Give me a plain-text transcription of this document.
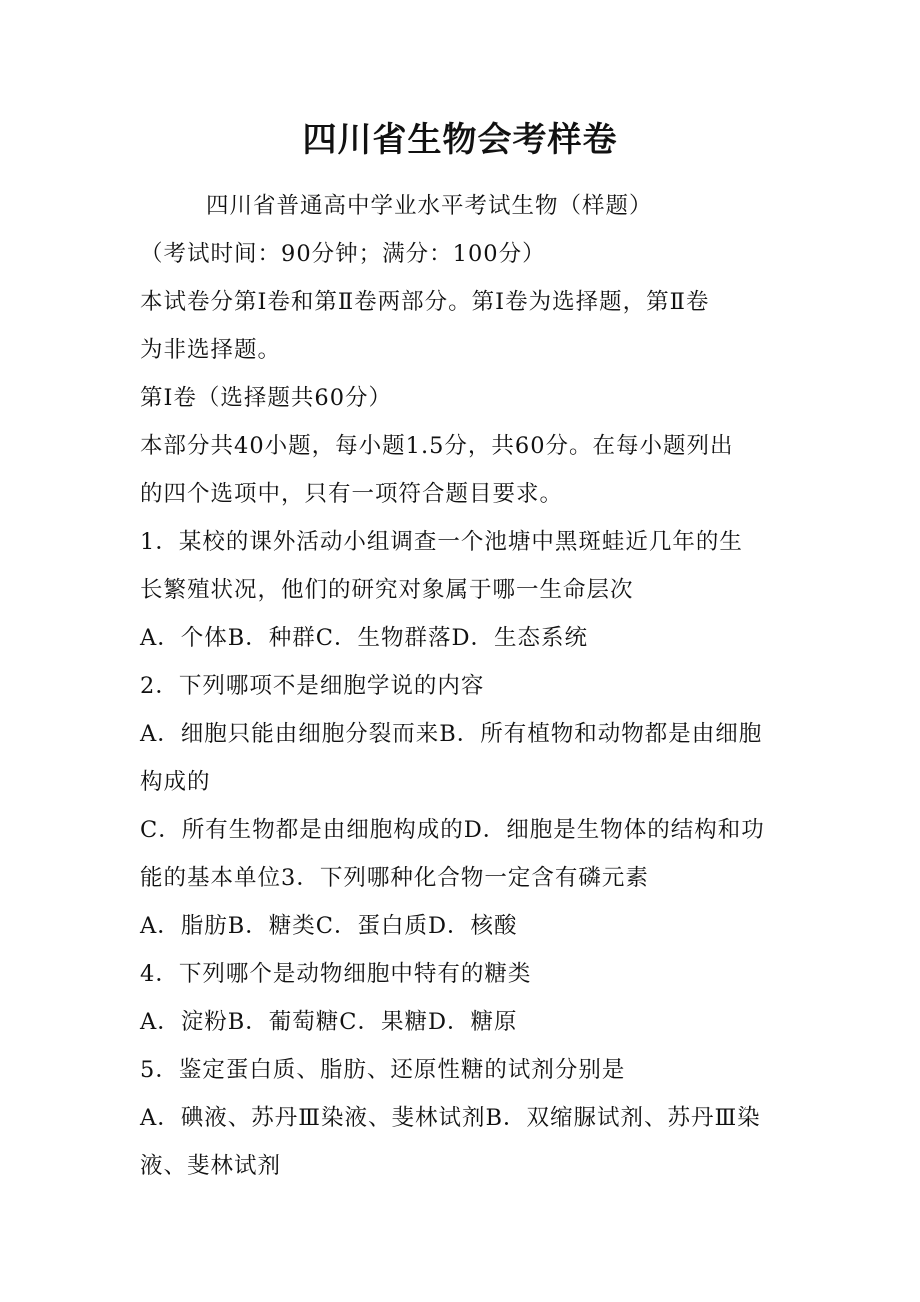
四川省生物会考样卷
四川省普通高中学业水平考试生物（样题）
（考试时间：90分钟；满分：100分）
本试卷分第Ⅰ卷和第Ⅱ卷两部分。第Ⅰ卷为选择题，第Ⅱ卷
为非选择题。
第Ⅰ卷（选择题共60分）
本部分共40小题，每小题1.5分，共60分。在每小题列出
的四个选项中，只有一项符合题目要求。
1．某校的课外活动小组调查一个池塘中黑斑蛙近几年的生
长繁殖状况，他们的研究对象属于哪一生命层次
A．个体B．种群C．生物群落D．生态系统
2．下列哪项不是细胞学说的内容
A．细胞只能由细胞分裂而来B．所有植物和动物都是由细胞
构成的
C．所有生物都是由细胞构成的D．细胞是生物体的结构和功
能的基本单位3．下列哪种化合物一定含有磷元素
A．脂肪B．糖类C．蛋白质D．核酸
4．下列哪个是动物细胞中特有的糖类
A．淀粉B．葡萄糖C．果糖D．糖原
5．鉴定蛋白质、脂肪、还原性糖的试剂分别是
A．碘液、苏丹Ⅲ染液、斐林试剂B．双缩脲试剂、苏丹Ⅲ染
液、斐林试剂
